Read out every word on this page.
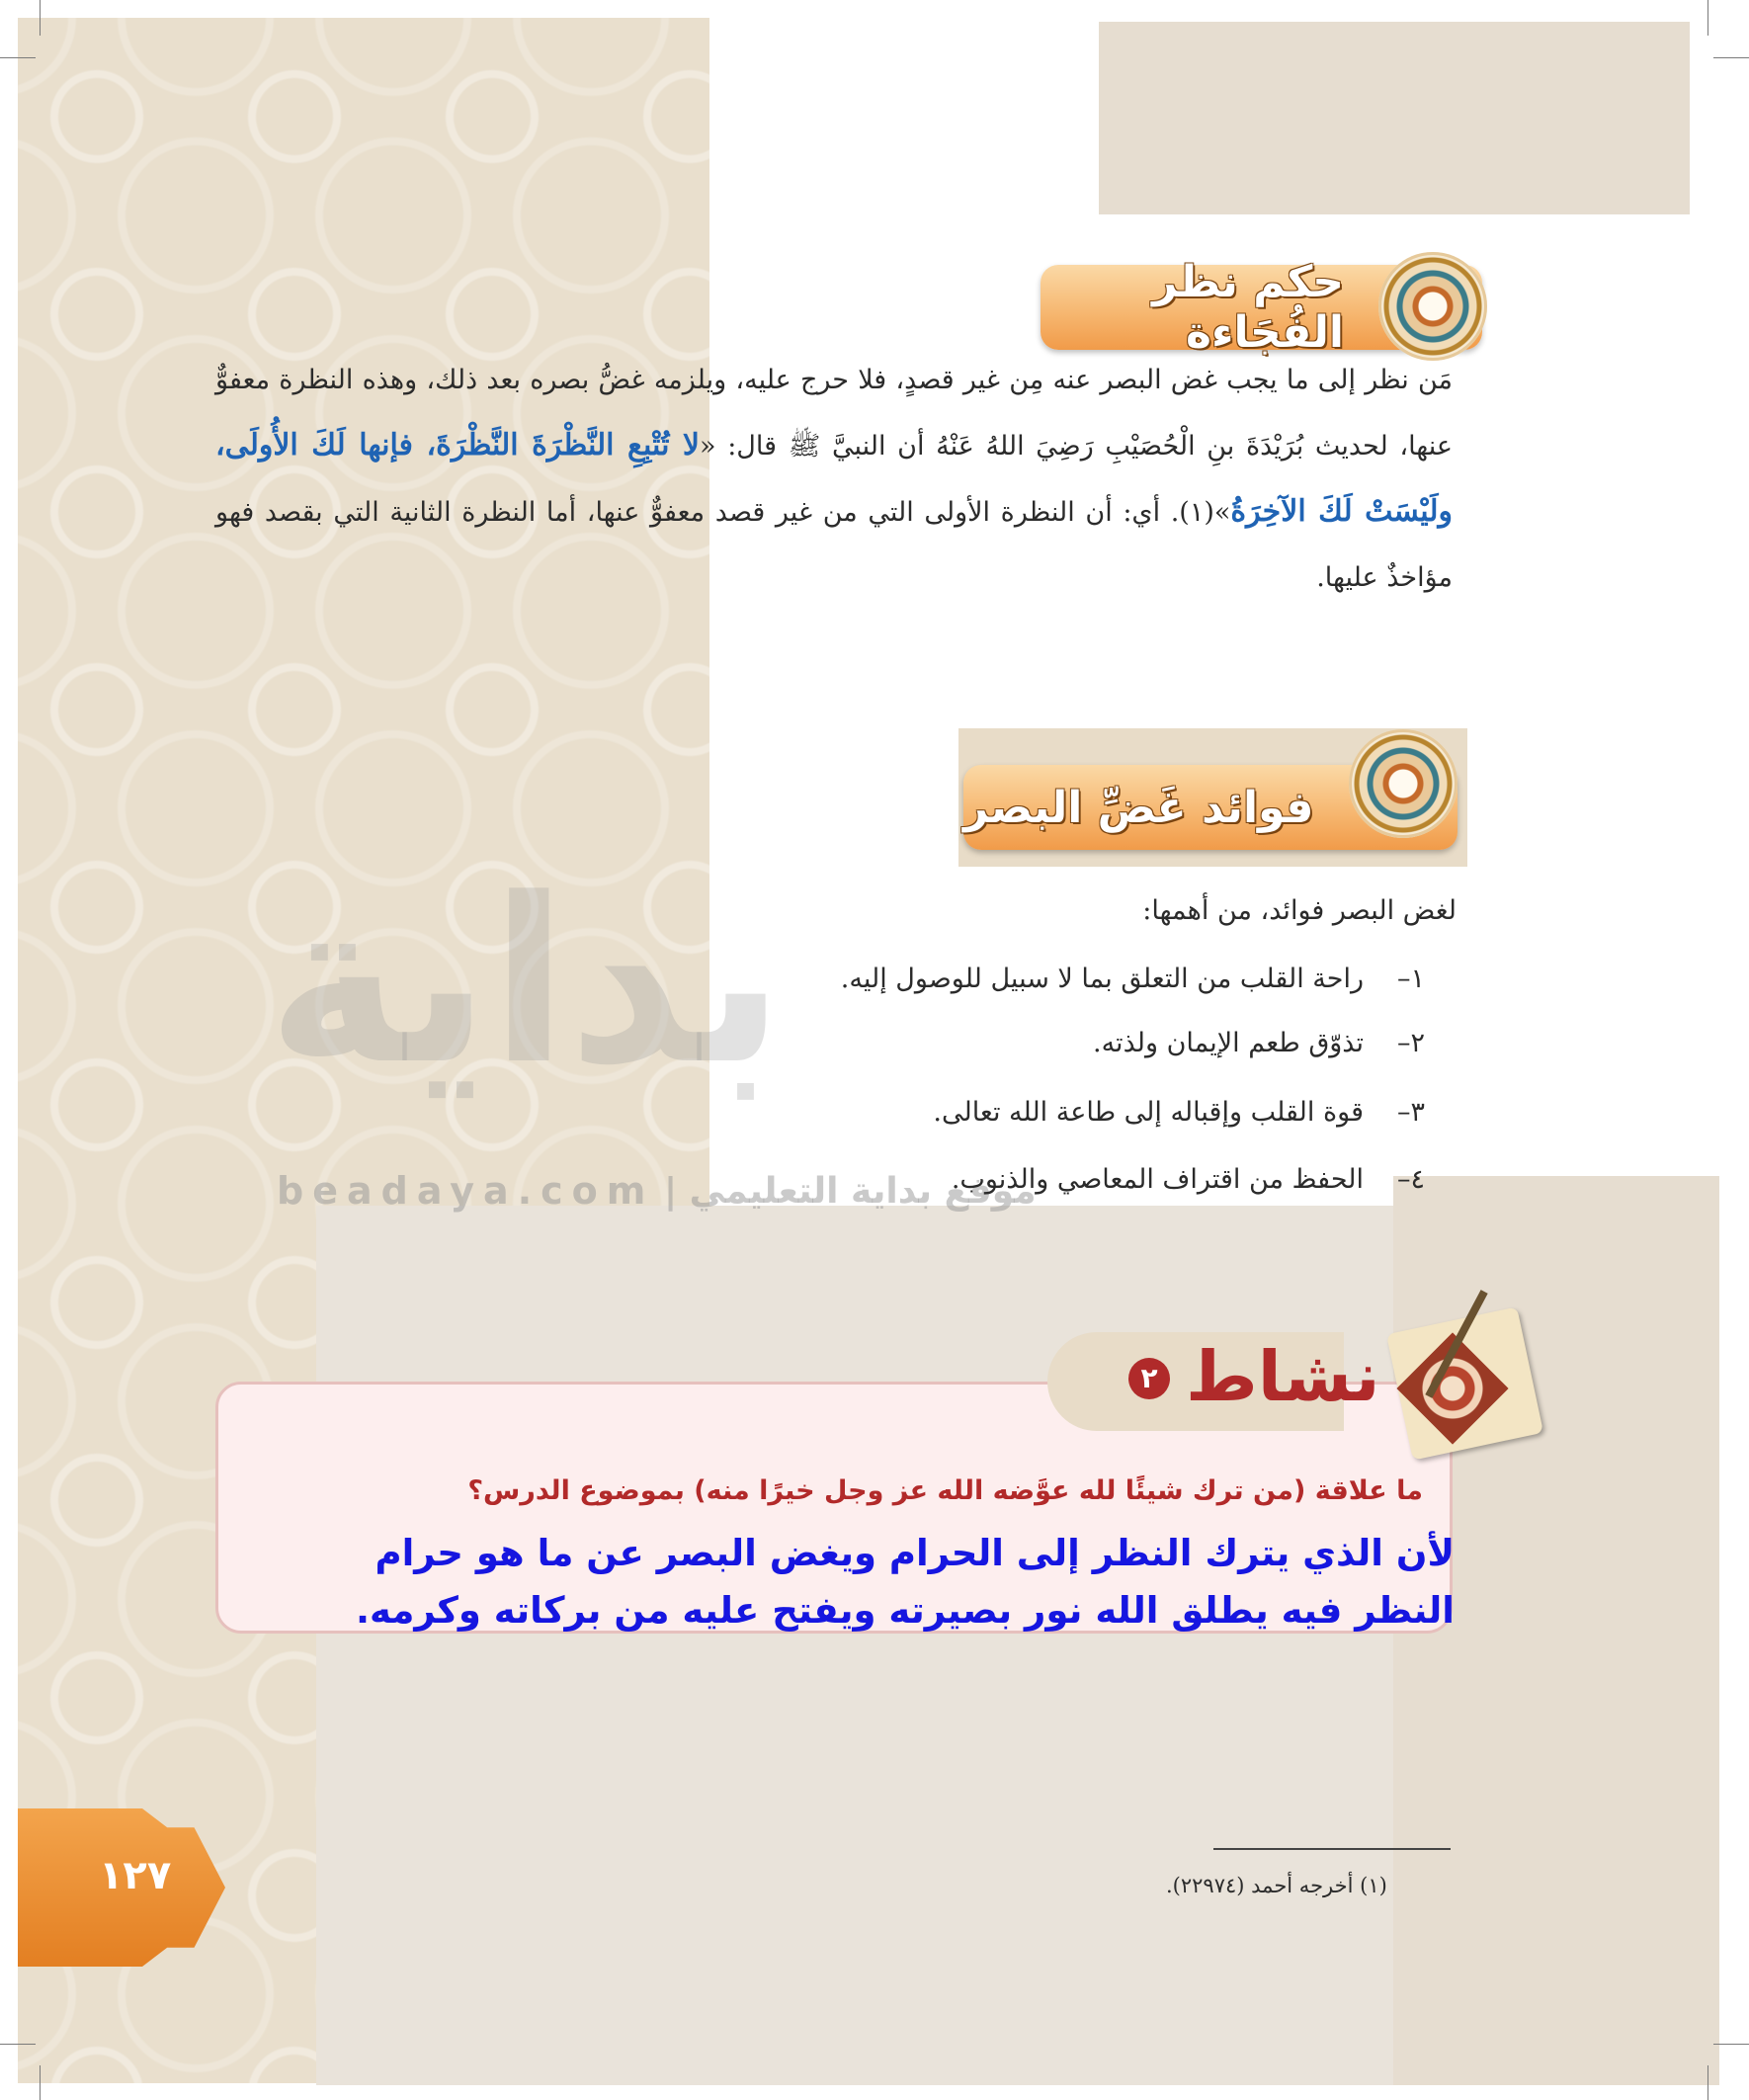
بداية
beadaya.com موقع بداية التعليمي |
حكم نظر الفُجَاءة
مَن نظر إلى ما يجب غض البصر عنه مِن غير قصدٍ، فلا حرج عليه، ويلزمه غضُّ بصره بعد ذلك، وهذه النظرة معفوٌّ عنها، لحديث بُرَيْدَةَ بنِ الْحُصَيْبِ رَضِيَ اللهُ عَنْهُ أن النبيَّ ﷺ قال: «لا تُتْبِعِ النَّظْرَةَ النَّظْرَةَ، فإنها لَكَ الأُولَى، ولَيْسَتْ لَكَ الآخِرَةُ»(١). أي: أن النظرة الأولى التي من غير قصد معفوٌّ عنها، أما النظرة الثانية التي بقصد فهو مؤاخذٌ عليها.
فوائد غَضِّ البصر
لغض البصر فوائد، من أهمها:
١–
راحة القلب من التعلق بما لا سبيل للوصول إليه.
٢–
تذوّق طعم الإيمان ولذته.
٣–
قوة القلب وإقباله إلى طاعة الله تعالى.
٤–
الحفظ من اقتراف المعاصي والذنوب.
نشاط
٢
ما علاقة (من ترك شيئًا لله عوَّضه الله عز وجل خيرًا منه) بموضوع الدرس؟
لأن الذي يترك النظر إلى الحرام ويغض البصر عن ما هو حرام النظر فيه يطلق الله نور بصيرته ويفتح عليه من بركاته وكرمه.
(١) أخرجه أحمد (٢٢٩٧٤).
١٢٧
